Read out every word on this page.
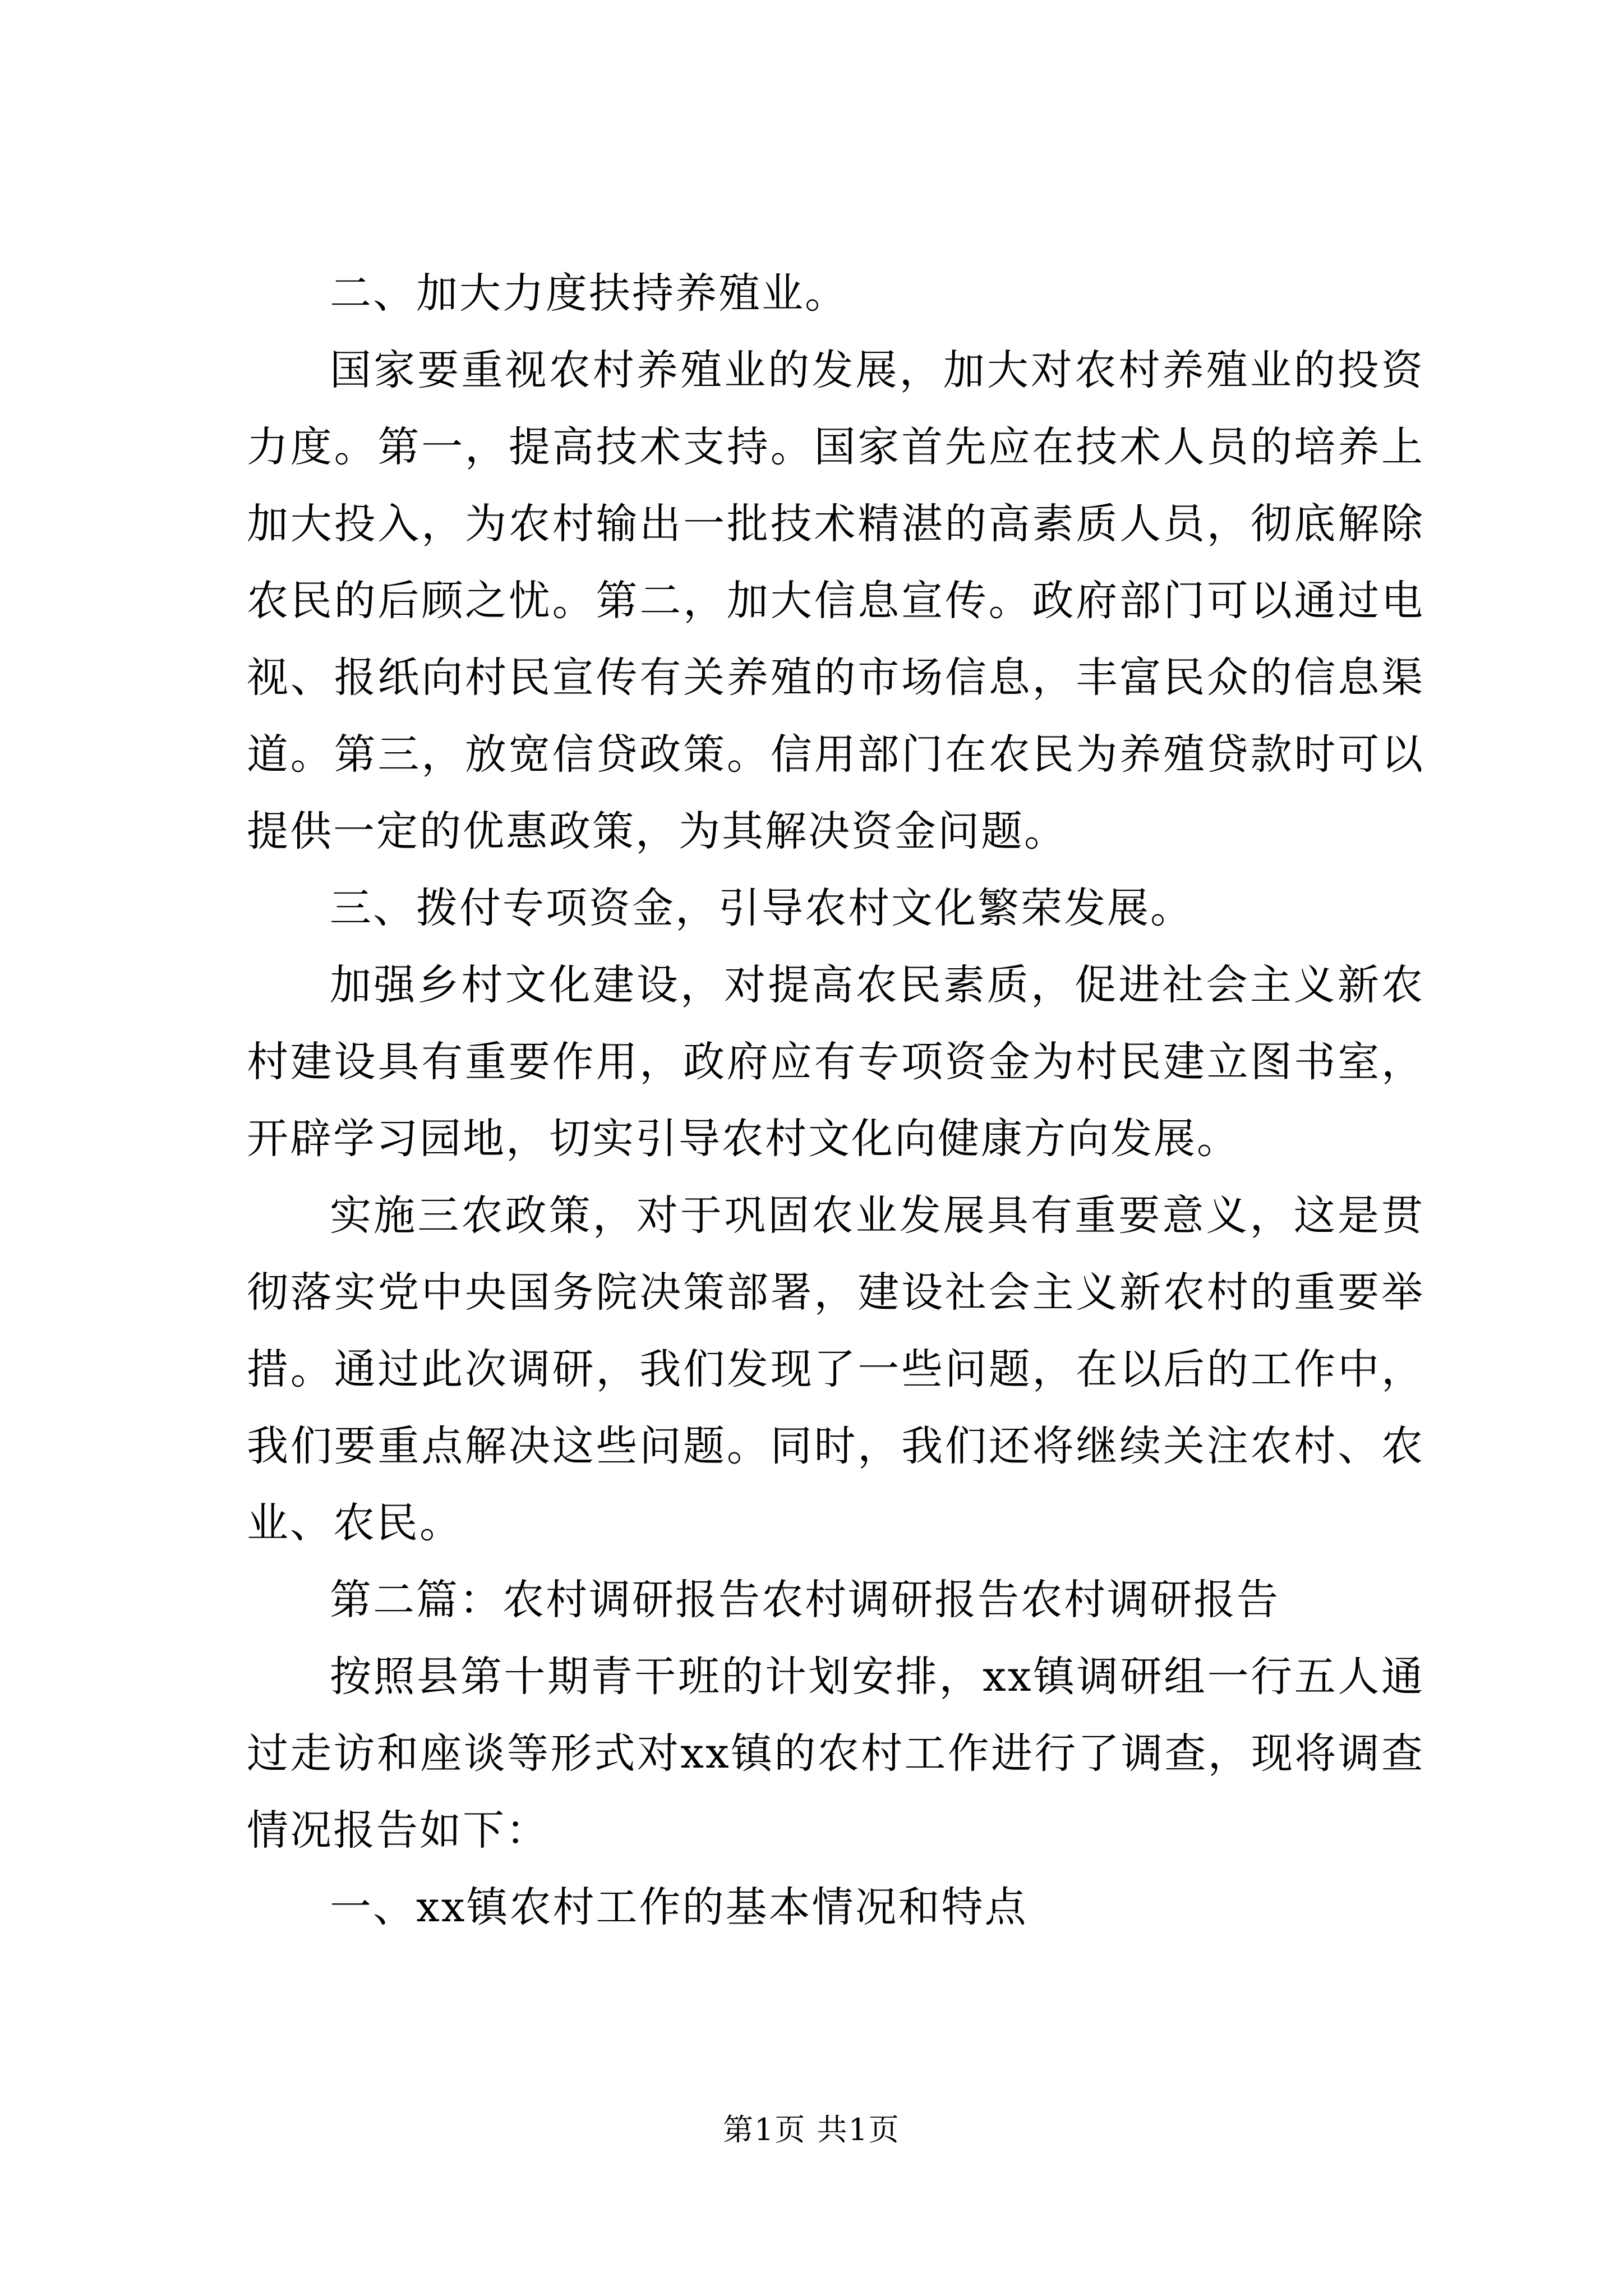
二、加大力度扶持养殖业。

国家要重视农村养殖业的发展，加大对农村养殖业的投资力度。第一，提高技术支持。国家首先应在技术人员的培养上加大投入，为农村输出一批技术精湛的高素质人员，彻底解除农民的后顾之忧。第二，加大信息宣传。政府部门可以通过电视、报纸向村民宣传有关养殖的市场信息，丰富民众的信息渠道。第三，放宽信贷政策。信用部门在农民为养殖贷款时可以提供一定的优惠政策，为其解决资金问题。

三、拨付专项资金，引导农村文化繁荣发展。

加强乡村文化建设，对提高农民素质，促进社会主义新农村建设具有重要作用，政府应有专项资金为村民建立图书室，开辟学习园地，切实引导农村文化向健康方向发展。

实施三农政策，对于巩固农业发展具有重要意义，这是贯彻落实党中央国务院决策部署，建设社会主义新农村的重要举措。通过此次调研，我们发现了一些问题，在以后的工作中，我们要重点解决这些问题。同时，我们还将继续关注农村、农业、农民。

第二篇：农村调研报告农村调研报告农村调研报告

按照县第十期青干班的计划安排，xx镇调研组一行五人通过走访和座谈等形式对xx镇的农村工作进行了调查，现将调查情况报告如下：

一、xx镇农村工作的基本情况和特点

第1页 共1页
